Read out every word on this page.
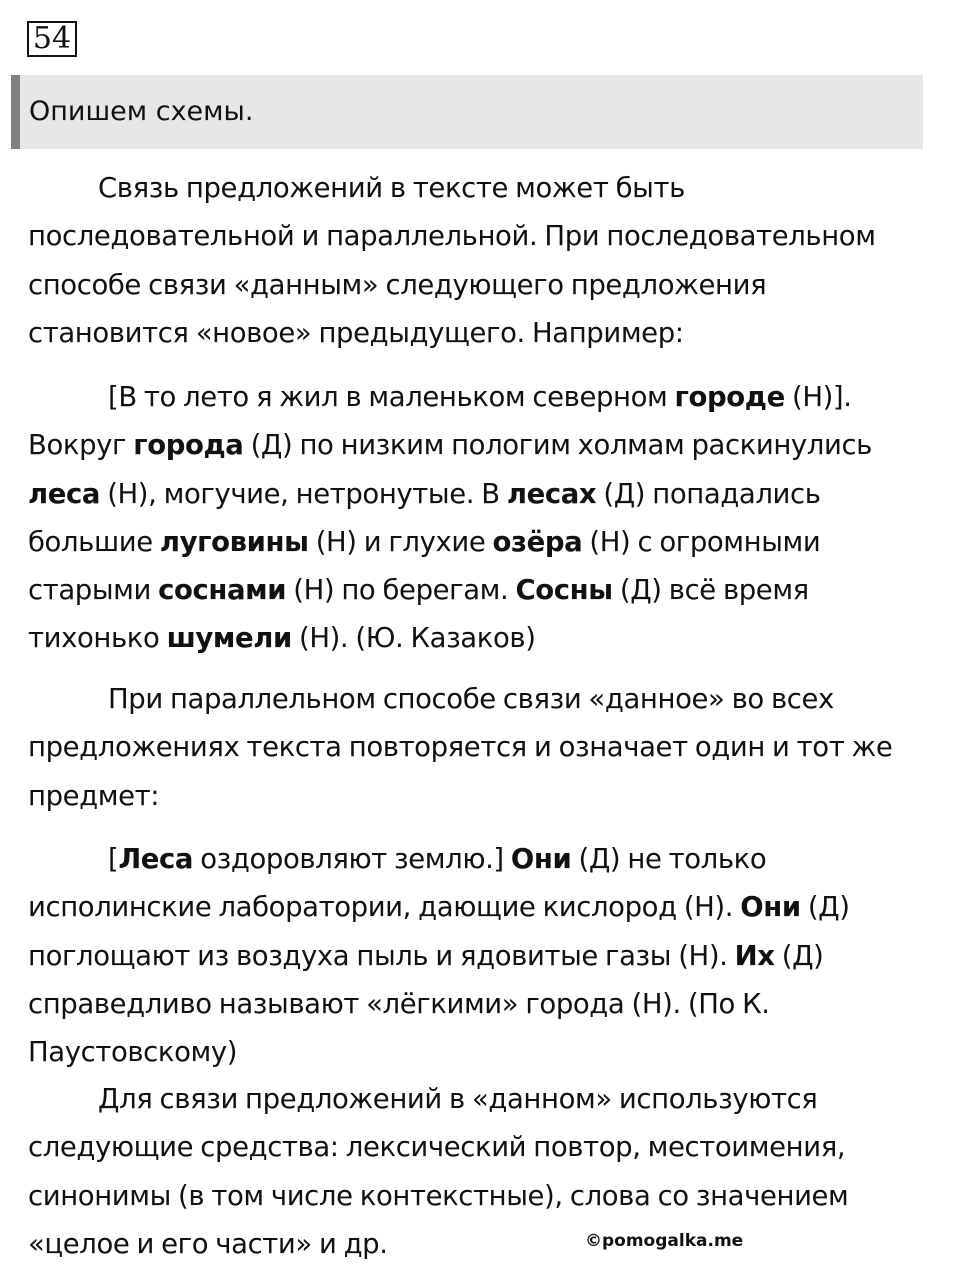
54
Опишем схемы.
Связь предложений в тексте может быть
последовательной и параллельной. При последовательном
способе связи «данным» следующего предложения
становится «новое» предыдущего. Например:
[В то лето я жил в маленьком северном городе (Н)].
Вокруг города (Д) по низким пологим холмам раскинулись
леса (Н), могучие, нетронутые. В лесах (Д) попадались
большие луговины (Н) и глухие озёра (Н) с огромными
старыми соснами (Н) по берегам. Сосны (Д) всё время
тихонько шумели (Н). (Ю. Казаков)
При параллельном способе связи «данное» во всех
предложениях текста повторяется и означает один и тот же
предмет:
[Леса оздоровляют землю.] Они (Д) не только
исполинские лаборатории, дающие кислород (Н). Они (Д)
поглощают из воздуха пыль и ядовитые газы (Н). Их (Д)
справедливо называют «лёгкими» города (Н). (По К.
Паустовскому)
Для связи предложений в «данном» используются
следующие средства: лексический повтор, местоимения,
синонимы (в том числе контекстные), слова со значением
«целое и его части» и др.	©pomogalka.me
